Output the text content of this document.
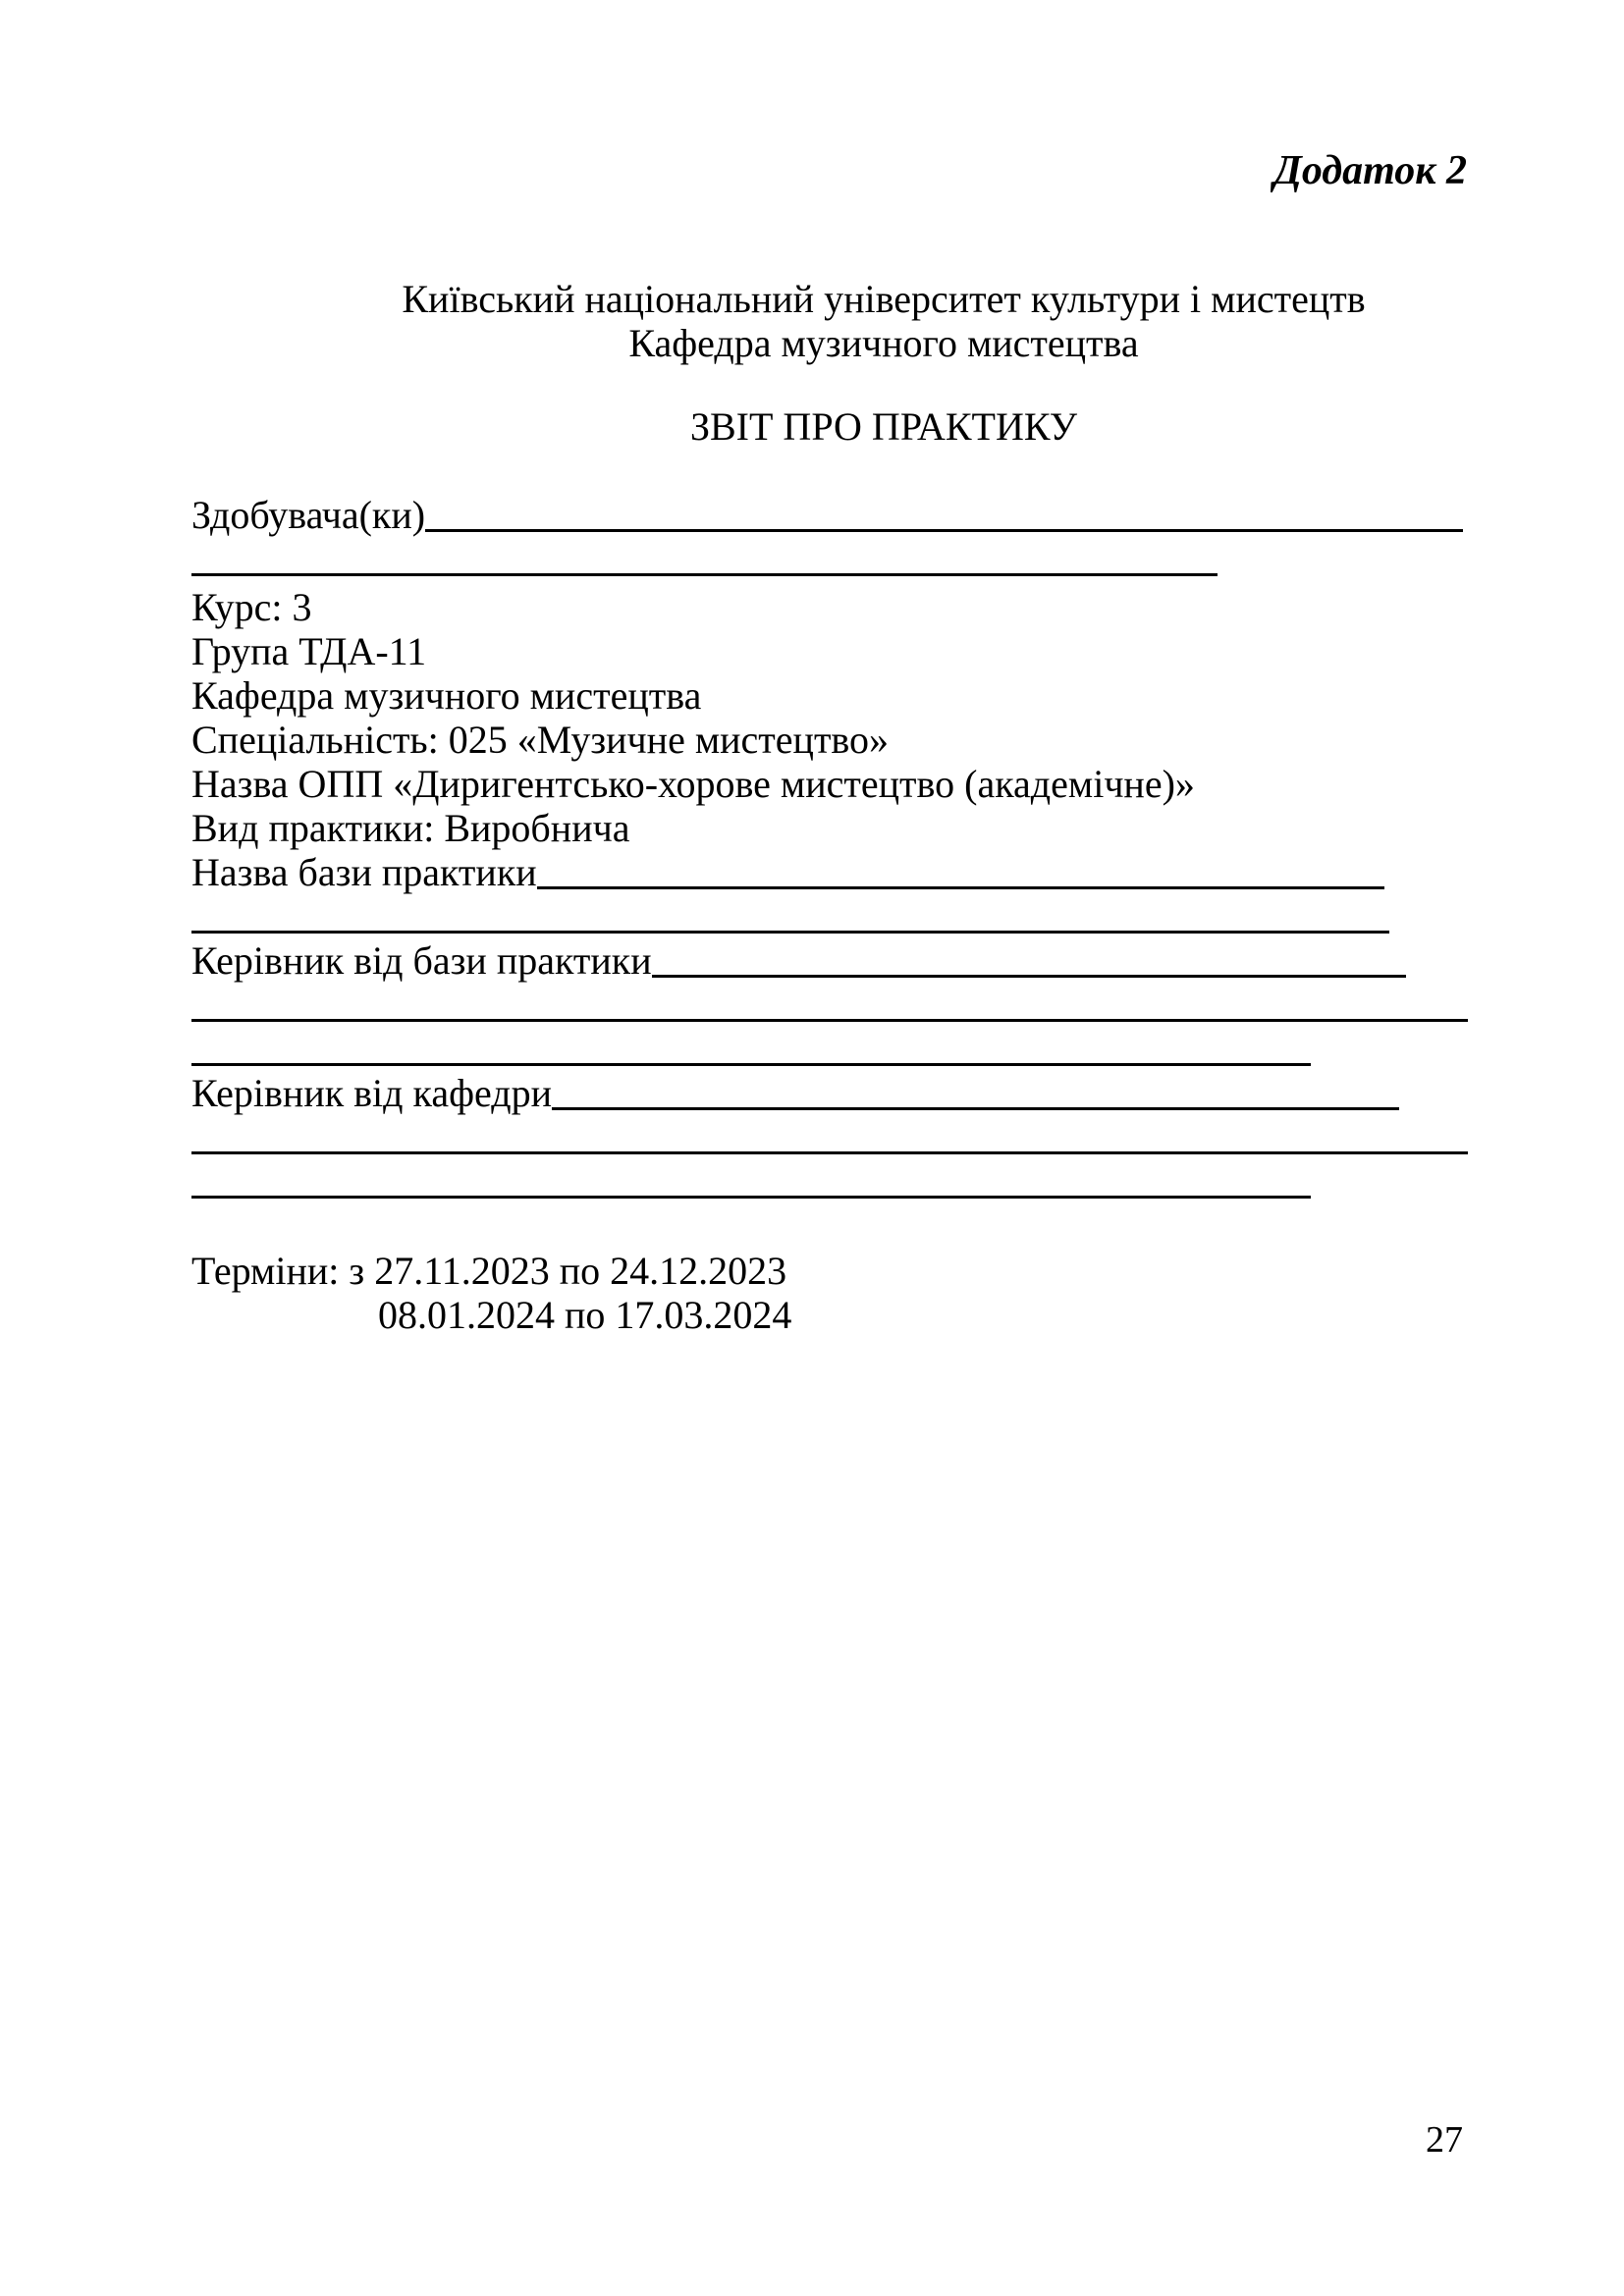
Додаток 2
Київський національний університет культури і мистецтв
Кафедра музичного мистецтва
ЗВІТ ПРО ПРАКТИКУ
Здобувача(ки)
Курс: 3
Група ТДА-11
Кафедра музичного мистецтва
Спеціальність: 025 «Музичне мистецтво»
Назва ОПП «Диригентсько-хорове мистецтво (академічне)»
Вид практики: Виробнича
Назва бази практики
Керівник від бази практики
Керівник від кафедри
Терміни: з 27.11.2023 по 24.12.2023
08.01.2024 по 17.03.2024
27
